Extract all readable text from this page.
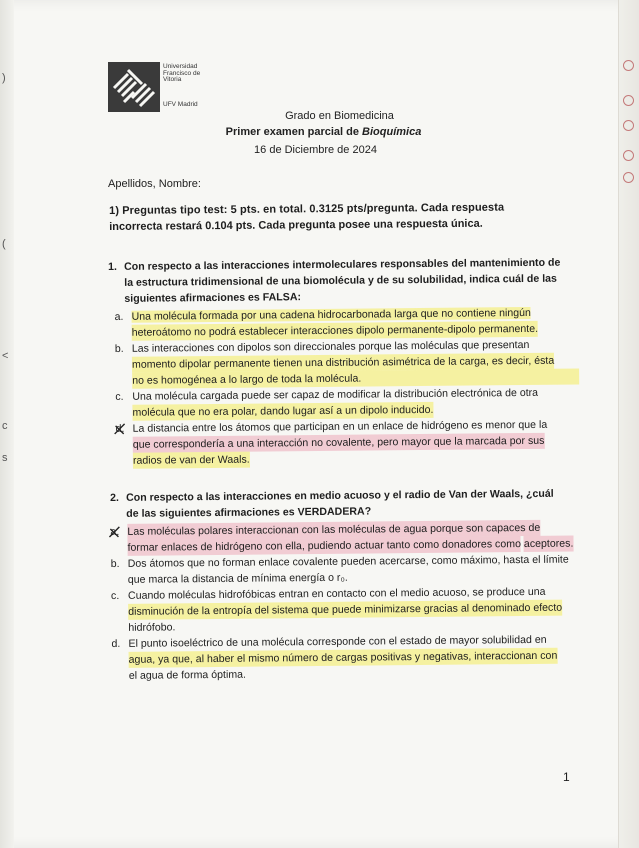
)
(
<
c
s
Universidad
Francisco de
Vitoria
UFV Madrid
Grado en Biomedicina
Primer examen parcial de Bioquímica
16 de Diciembre de 2024
Apellidos, Nombre:
1) Preguntas tipo test: 5 pts. en total. 0.3125 pts/pregunta. Cada respuesta
incorrecta restará 0.104 pts. Cada pregunta posee una respuesta única.
1. Con respecto a las interacciones intermoleculares responsables del mantenimiento de
la estructura tridimensional de una biomolécula y de su solubilidad, indica cuál de las
siguientes afirmaciones es FALSA:
a. Una molécula formada por una cadena hidrocarbonada larga que no contiene ningún heteroátomo no podrá establecer interacciones dipolo permanente-dipolo permanente.
b. Las interacciones con dipolos son direccionales porque las moléculas que presentan
momento dipolar permanente tienen una distribución asimétrica de la carga, es decir, ésta
no es homogénea a lo largo de toda la molécula.
c. Una molécula cargada puede ser capaz de modificar la distribución electrónica de otra
molécula que no era polar, dando lugar así a un dipolo inducido.
d. La distancia entre los átomos que participan en un enlace de hidrógeno es menor que la
que correspondería a una interacción no covalente, pero mayor que la marcada por sus radios de van der Waals.
2. Con respecto a las interacciones en medio acuoso y el radio de Van der Waals, ¿cuál
de las siguientes afirmaciones es VERDADERA?
a. Las moléculas polares interaccionan con las moléculas de agua porque son capaces de formar enlaces de hidrógeno con ella, pudiendo actuar tanto como donadores como aceptores.
b. Dos átomos que no forman enlace covalente pueden acercarse, como máximo, hasta el límite
que marca la distancia de mínima energía o r₀.
c. Cuando moléculas hidrofóbicas entran en contacto con el medio acuoso, se produce una
disminución de la entropía del sistema que puede minimizarse gracias al denominado efecto
hidrófobo.
d. El punto isoeléctrico de una molécula corresponde con el estado de mayor solubilidad en
agua, ya que, al haber el mismo número de cargas positivas y negativas, interaccionan con
el agua de forma óptima.
1
